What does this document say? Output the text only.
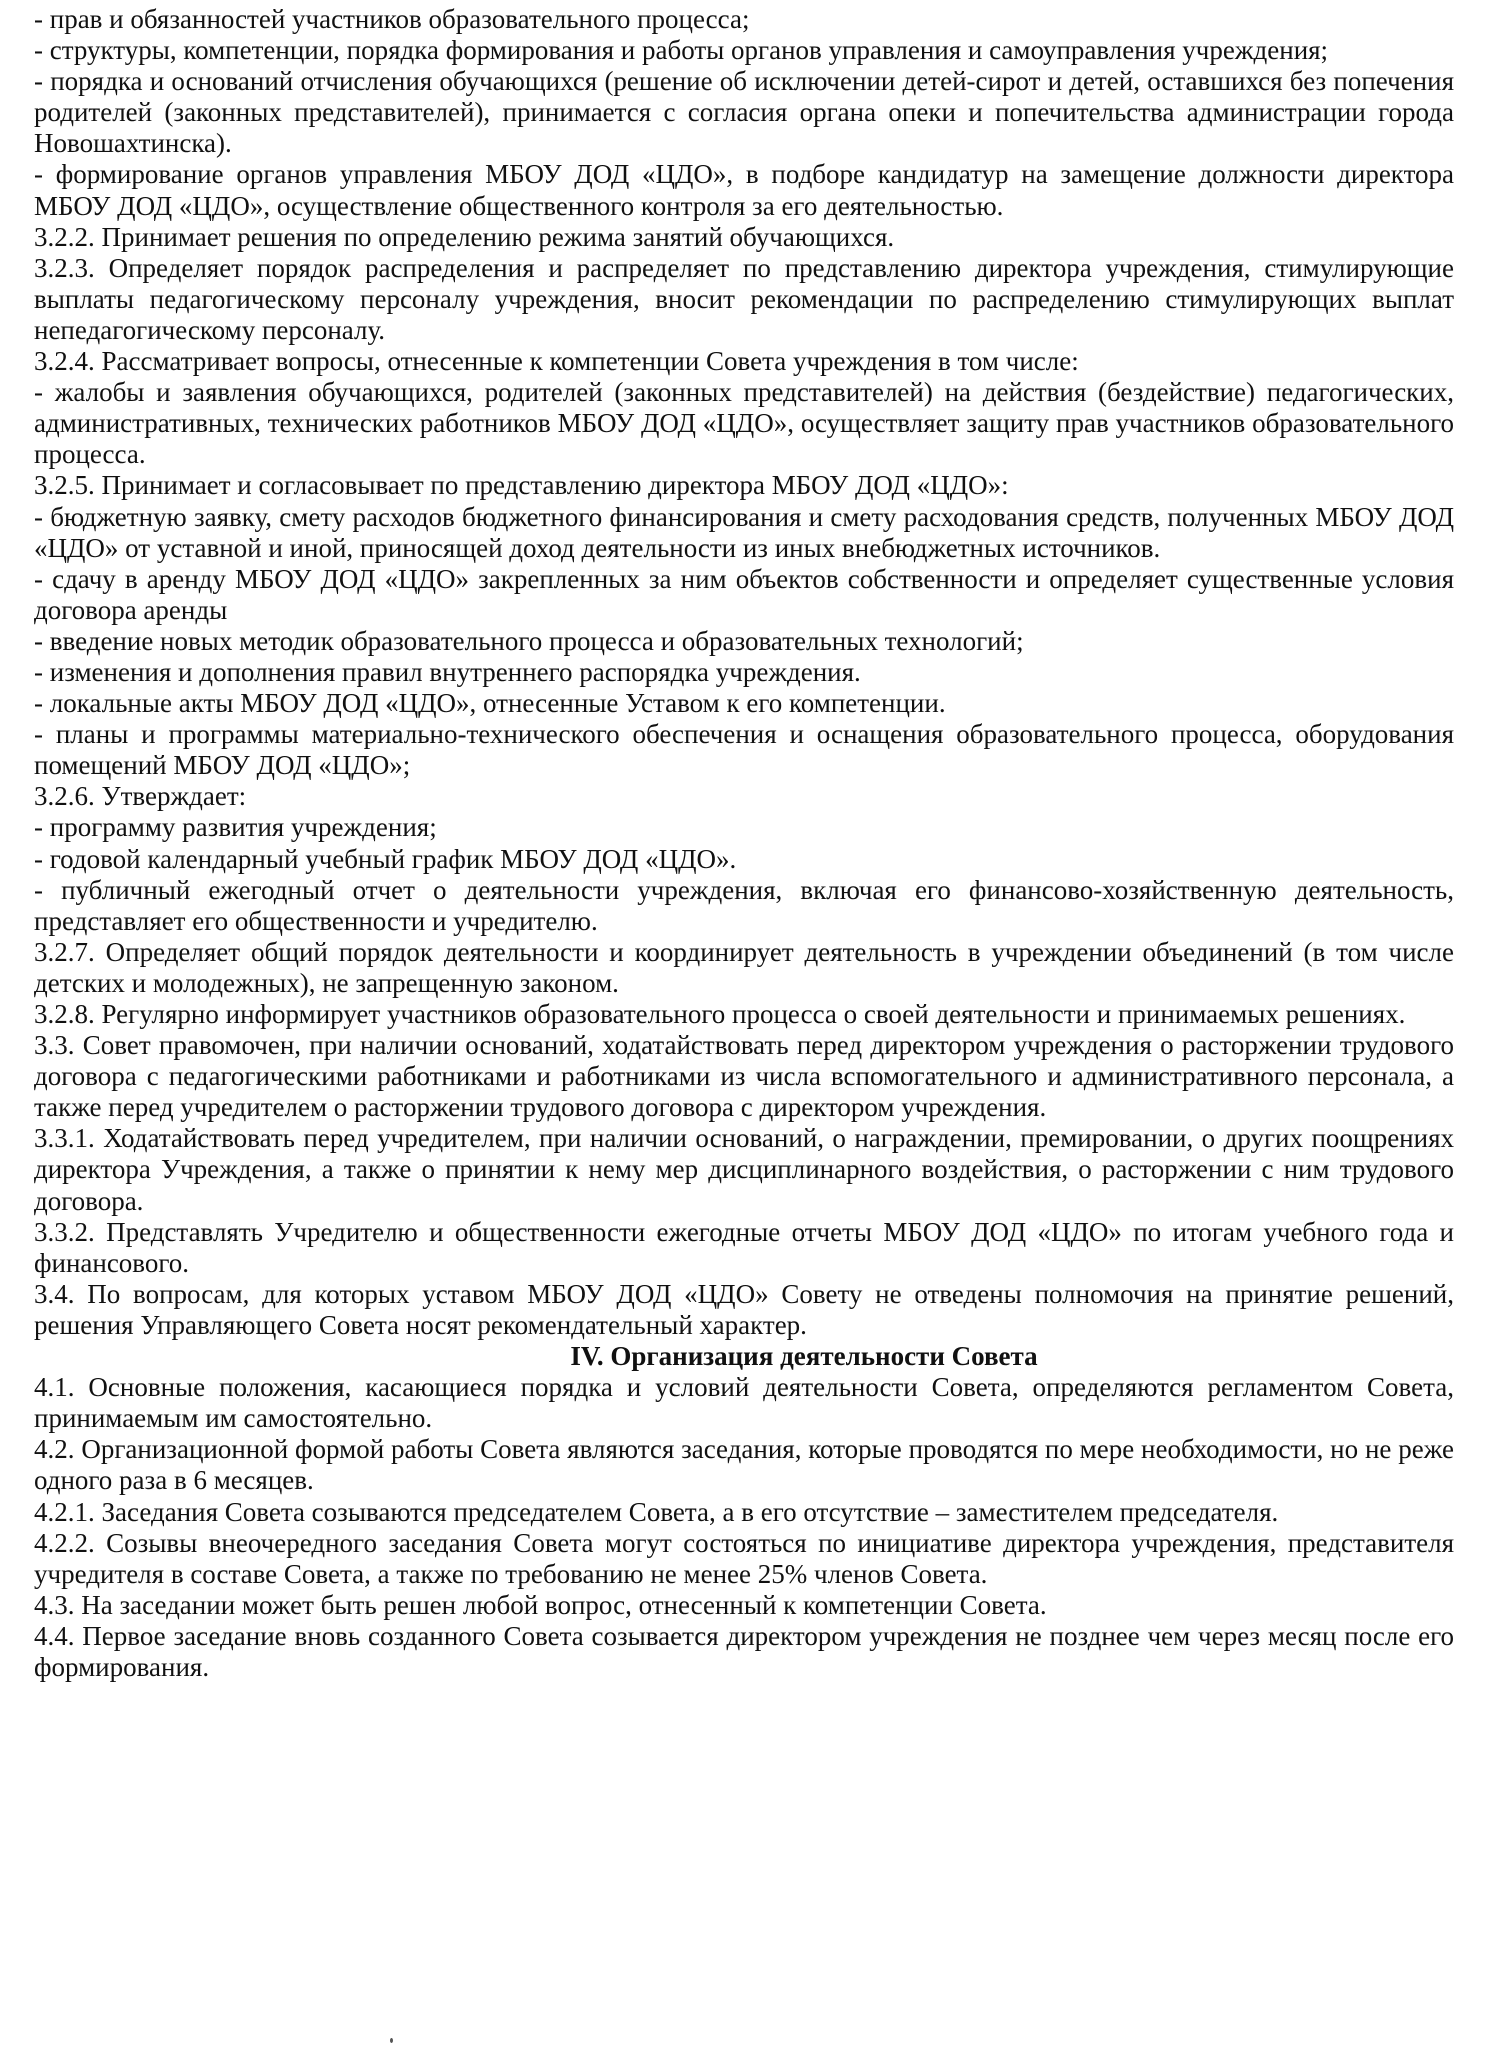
- прав и обязанностей участников образовательного процесса;

- структуры, компетенции, порядка формирования и работы органов управления и самоуправления учреждения;

- порядка и оснований отчисления обучающихся (решение об исключении детей-сирот и детей, оставшихся без попечения родителей (законных представителей), принимается с согласия органа опеки и попечительства администрации города Новошахтинска).

- формирование органов управления МБОУ ДОД «ЦДО», в подборе кандидатур на замещение должности директора МБОУ ДОД «ЦДО», осуществление общественного контроля за его деятельностью.

3.2.2. Принимает решения по определению режима занятий обучающихся.

3.2.3. Определяет порядок распределения и распределяет по представлению директора учреждения, стимулирующие выплаты педагогическому персоналу учреждения, вносит рекомендации по распределению стимулирующих выплат непедагогическому персоналу.

3.2.4. Рассматривает вопросы, отнесенные к компетенции Совета учреждения в том числе:

- жалобы и заявления обучающихся, родителей (законных представителей) на действия (бездействие) педагогических, административных, технических работников МБОУ ДОД «ЦДО», осуществляет защиту прав участников образовательного процесса.

3.2.5. Принимает и согласовывает по представлению директора МБОУ ДОД «ЦДО»:

- бюджетную заявку, смету расходов бюджетного финансирования и смету расходования средств, полученных МБОУ ДОД «ЦДО» от уставной и иной, приносящей доход деятельности из иных внебюджетных источников.

- сдачу в аренду МБОУ ДОД «ЦДО» закрепленных за ним объектов собственности и определяет существенные условия договора аренды

- введение новых методик образовательного процесса и образовательных технологий;

- изменения и дополнения правил внутреннего распорядка учреждения.

- локальные акты МБОУ ДОД «ЦДО», отнесенные Уставом к его компетенции.

- планы и программы материально-технического обеспечения и оснащения образовательного процесса, оборудования помещений МБОУ ДОД «ЦДО»;

3.2.6. Утверждает:

- программу развития учреждения;

- годовой календарный учебный график МБОУ ДОД «ЦДО».

- публичный ежегодный отчет о деятельности учреждения, включая его финансово-хозяйственную деятельность, представляет его общественности и учредителю.

3.2.7. Определяет общий порядок деятельности и координирует деятельность в учреждении объединений (в том числе детских и молодежных), не запрещенную законом.

3.2.8. Регулярно информирует участников образовательного процесса о своей деятельности и принимаемых решениях.

3.3. Совет правомочен, при наличии оснований, ходатайствовать перед директором учреждения о расторжении трудового договора с педагогическими работниками и работниками из числа вспомогательного и административного персонала, а также перед учредителем о расторжении трудового договора с директором учреждения.

3.3.1. Ходатайствовать перед учредителем, при наличии оснований, о награждении, премировании, о других поощрениях директора Учреждения, а также о принятии к нему мер дисциплинарного воздействия, о расторжении с ним трудового договора.

3.3.2. Представлять Учредителю и общественности ежегодные отчеты МБОУ ДОД «ЦДО» по итогам учебного года и финансового.

3.4. По вопросам, для которых уставом МБОУ ДОД «ЦДО» Совету не отведены полномочия на принятие решений, решения Управляющего Совета носят рекомендательный характер.

IV. Организация деятельности Совета

4.1. Основные положения, касающиеся порядка и условий деятельности Совета, определяются регламентом Совета, принимаемым им самостоятельно.

4.2. Организационной формой работы Совета являются заседания, которые проводятся по мере необходимости, но не реже одного раза в 6 месяцев.

4.2.1. Заседания Совета созываются председателем Совета, а в его отсутствие – заместителем председателя.

4.2.2. Созывы внеочередного заседания Совета могут состояться по инициативе директора учреждения, представителя учредителя в составе Совета, а также по требованию не менее 25% членов Совета.

4.3. На заседании может быть решен любой вопрос, отнесенный к компетенции Совета.

4.4. Первое заседание вновь созданного Совета созывается директором учреждения не позднее чем через месяц после его формирования.
